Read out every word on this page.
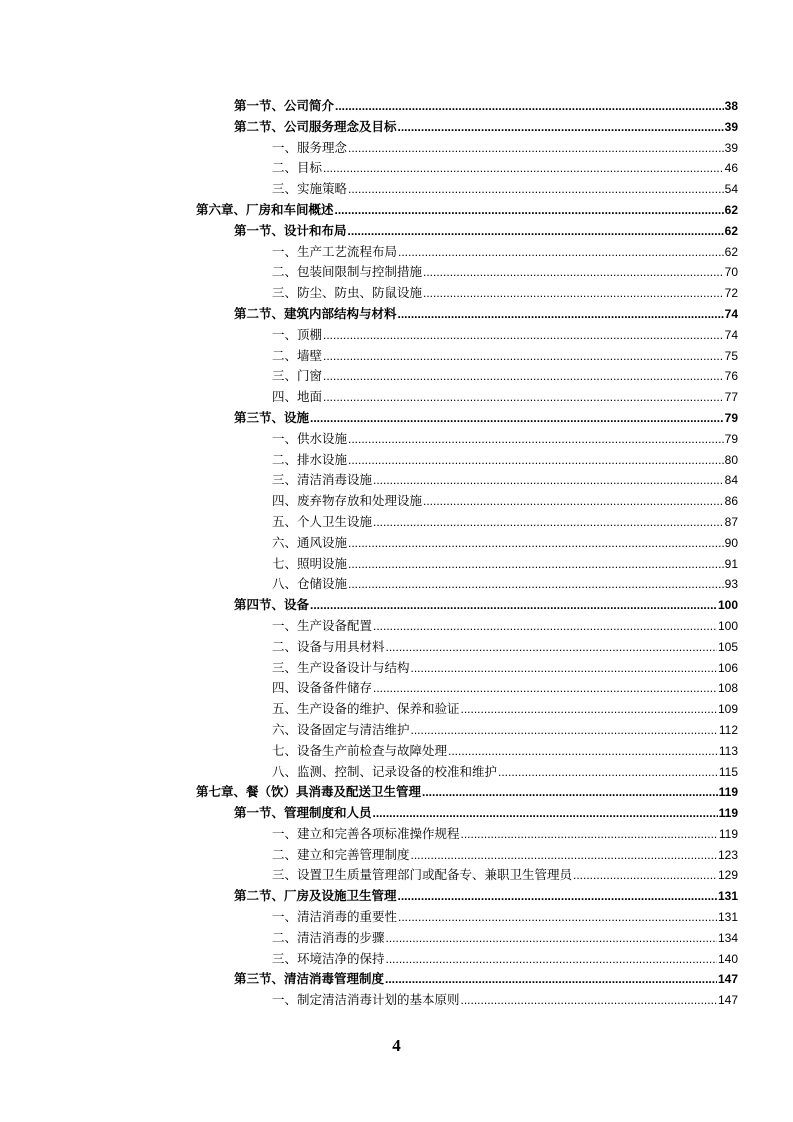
第一节、公司简介 .....	38
第二节、公司服务理念及目标 .....	39
一、服务理念 .....	39
二、目标 .....	46
三、实施策略 .....	54
第六章、厂房和车间概述 .....	62
第一节、设计和布局 .....	62
一、生产工艺流程布局 .....	62
二、包装间限制与控制措施 .....	70
三、防尘、防虫、防鼠设施 .....	72
第二节、建筑内部结构与材料 .....	74
一、顶棚 .....	74
二、墙壁 .....	75
三、门窗 .....	76
四、地面 .....	77
第三节、设施 .....	79
一、供水设施 .....	79
二、排水设施 .....	80
三、清洁消毒设施 .....	84
四、废弃物存放和处理设施 .....	86
五、个人卫生设施 .....	87
六、通风设施 .....	90
七、照明设施 .....	91
八、仓储设施 .....	93
第四节、设备 .....	100
一、生产设备配置 .....	100
二、设备与用具材料 .....	105
三、生产设备设计与结构 .....	106
四、设备备件储存 .....	108
五、生产设备的维护、保养和验证 .....	109
六、设备固定与清洁维护 .....	112
七、设备生产前检查与故障处理 .....	113
八、监测、控制、记录设备的校准和维护 .....	115
第七章、餐（饮）具消毒及配送卫生管理 .....	119
第一节、管理制度和人员 .....	119
一、建立和完善各项标准操作规程 .....	119
二、建立和完善管理制度 .....	123
三、设置卫生质量管理部门或配备专、兼职卫生管理员 .....	129
第二节、厂房及设施卫生管理 .....	131
一、清洁消毒的重要性 .....	131
二、清洁消毒的步骤 .....	134
三、环境洁净的保持 .....	140
第三节、清洁消毒管理制度 .....	147
一、制定清洁消毒计划的基本原则 .....	147
4
